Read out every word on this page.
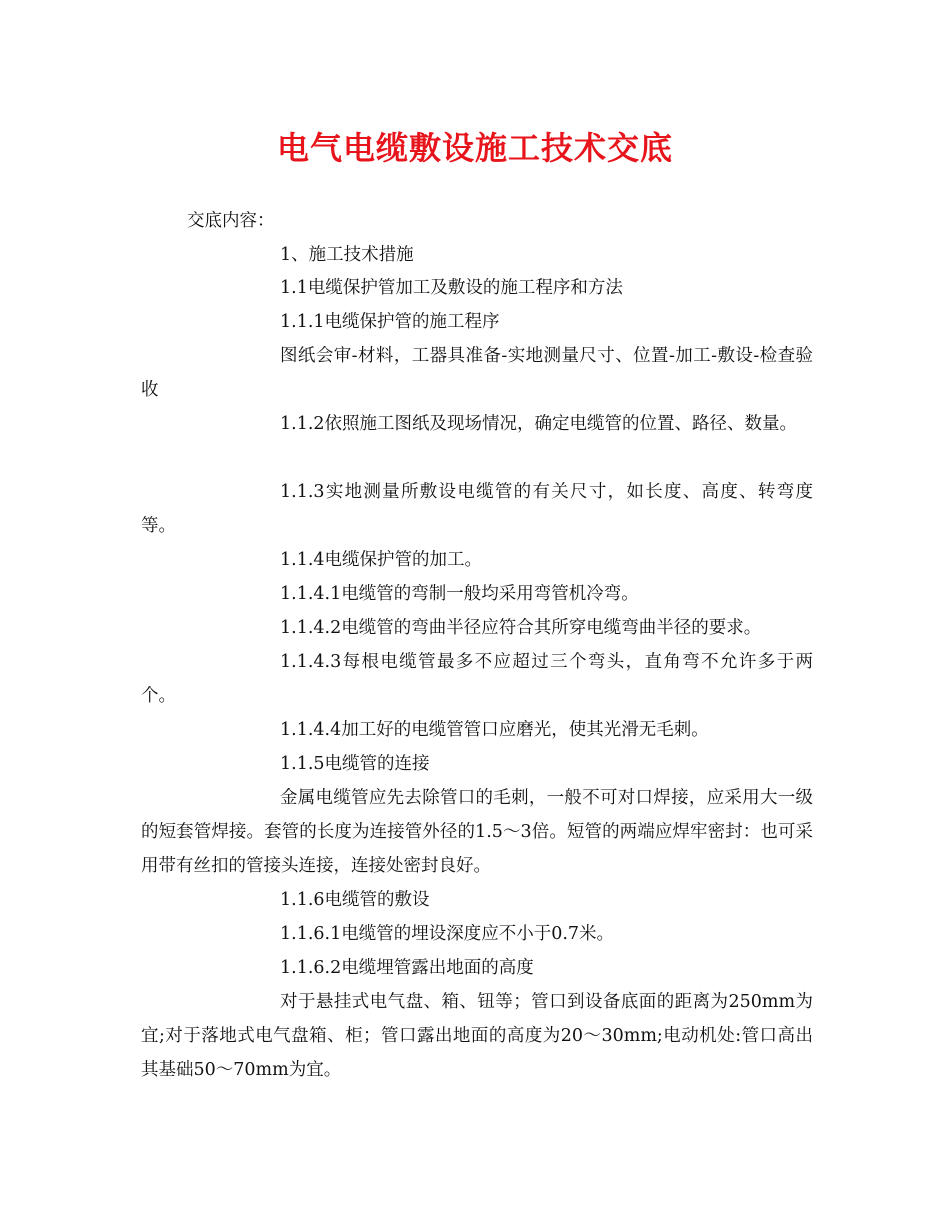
电气电缆敷设施工技术交底

交底内容：

1、施工技术措施

1.1电缆保护管加工及敷设的施工程序和方法

1.1.1电缆保护管的施工程序

图纸会审-材料，工器具准备-实地测量尺寸、位置-加工-敷设-检查验收

1.1.2依照施工图纸及现场情况，确定电缆管的位置、路径、数量。

1.1.3实地测量所敷设电缆管的有关尺寸，如长度、高度、转弯度等。

1.1.4电缆保护管的加工。

1.1.4.1电缆管的弯制一般均采用弯管机冷弯。

1.1.4.2电缆管的弯曲半径应符合其所穿电缆弯曲半径的要求。

1.1.4.3每根电缆管最多不应超过三个弯头，直角弯不允许多于两个。

1.1.4.4加工好的电缆管管口应磨光，使其光滑无毛刺。

1.1.5电缆管的连接

金属电缆管应先去除管口的毛刺，一般不可对口焊接，应采用大一级的短套管焊接。套管的长度为连接管外径的1.5～3倍。短管的两端应焊牢密封：也可采用带有丝扣的管接头连接，连接处密封良好。

1.1.6电缆管的敷设

1.1.6.1电缆管的埋设深度应不小于0.7米。

1.1.6.2电缆埋管露出地面的高度

对于悬挂式电气盘、箱、钮等；管口到设备底面的距离为250mm为宜;对于落地式电气盘箱、柜；管口露出地面的高度为20～30mm;电动机处:管口高出其基础50～70mm为宜。
